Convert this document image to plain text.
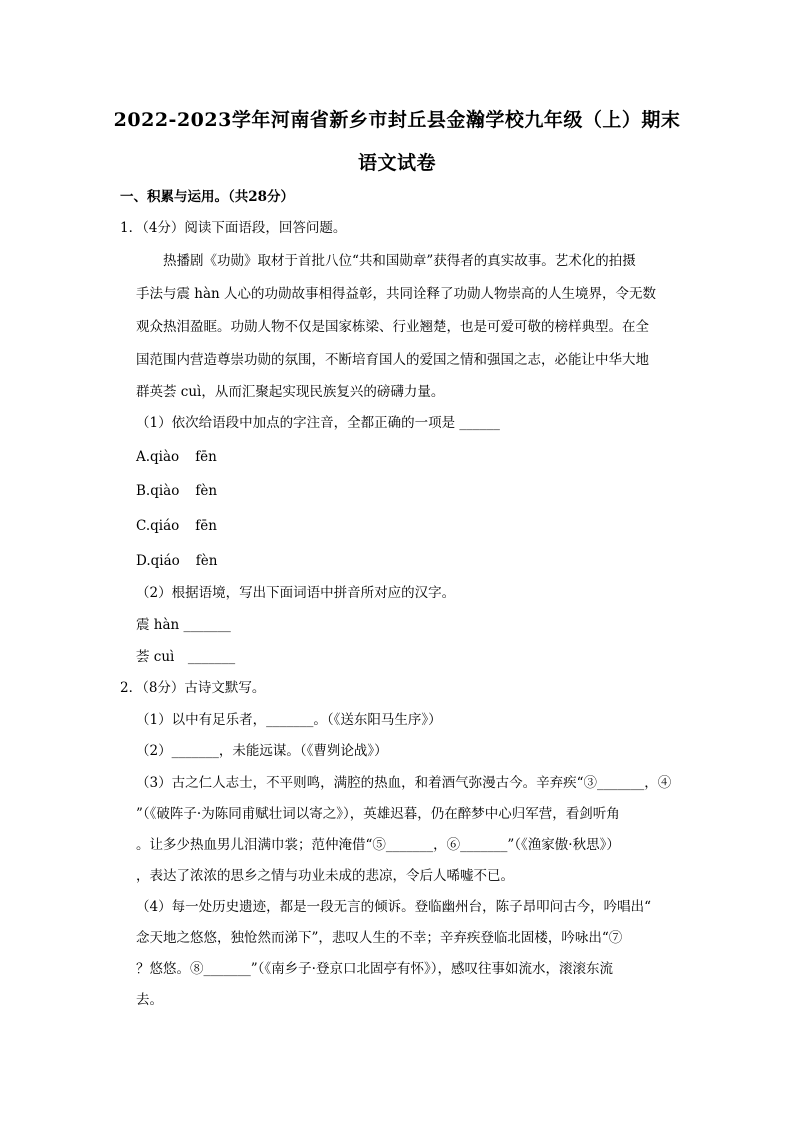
2022-2023学年河南省新乡市封丘县金瀚学校九年级（上）期末
语文试卷
一、积累与运用。（共28分）
1．（4分）阅读下面语段，回答问题。
热播剧《功勋》取材于首批八位“共和国勋章”获得者的真实故事。艺术化的拍摄
手法与震 hàn 人心的功勋故事相得益彰，共同诠释了功勋人物崇高的人生境界，令无数
观众热泪盈眶。功勋人物不仅是国家栋梁、行业翘楚，也是可爱可敬的榜样典型。在全
国范围内营造尊崇功勋的氛围，不断培育国人的爱国之情和强国之志，必能让中华大地
群英荟 cuì，从而汇聚起实现民族复兴的磅礴力量。
（1）依次给语段中加点的字注音，全都正确的一项是 ______
A.qiào fēn
B.qiào fèn
C.qiáo fēn
D.qiáo fèn
（2）根据语境，写出下面词语中拼音所对应的汉字。
震 hàn _______
荟 cuì　_______
2．（8分）古诗文默写。
（1）以中有足乐者，_______。（《送东阳马生序》）
（2）_______，未能远谋。（《曹刿论战》）
（3）古之仁人志士，不平则鸣，满腔的热血，和着酒气弥漫古今。辛弃疾“③_______，④
”（《破阵子·为陈同甫赋壮词以寄之》），英雄迟暮，仍在醉梦中心归军营，看剑听角
。让多少热血男儿泪满巾裳；范仲淹借“⑤_______，⑥_______”（《渔家傲·秋思》）
，表达了浓浓的思乡之情与功业未成的悲凉，令后人唏嘘不已。
（4）每一处历史遗迹，都是一段无言的倾诉。登临幽州台，陈子昂叩问古今，吟唱出“
念天地之悠悠，独怆然而涕下”，悲叹人生的不幸；辛弃疾登临北固楼，吟咏出“⑦
？悠悠。⑧_______”（《南乡子·登京口北固亭有怀》），感叹往事如流水，滚滚东流
去。
